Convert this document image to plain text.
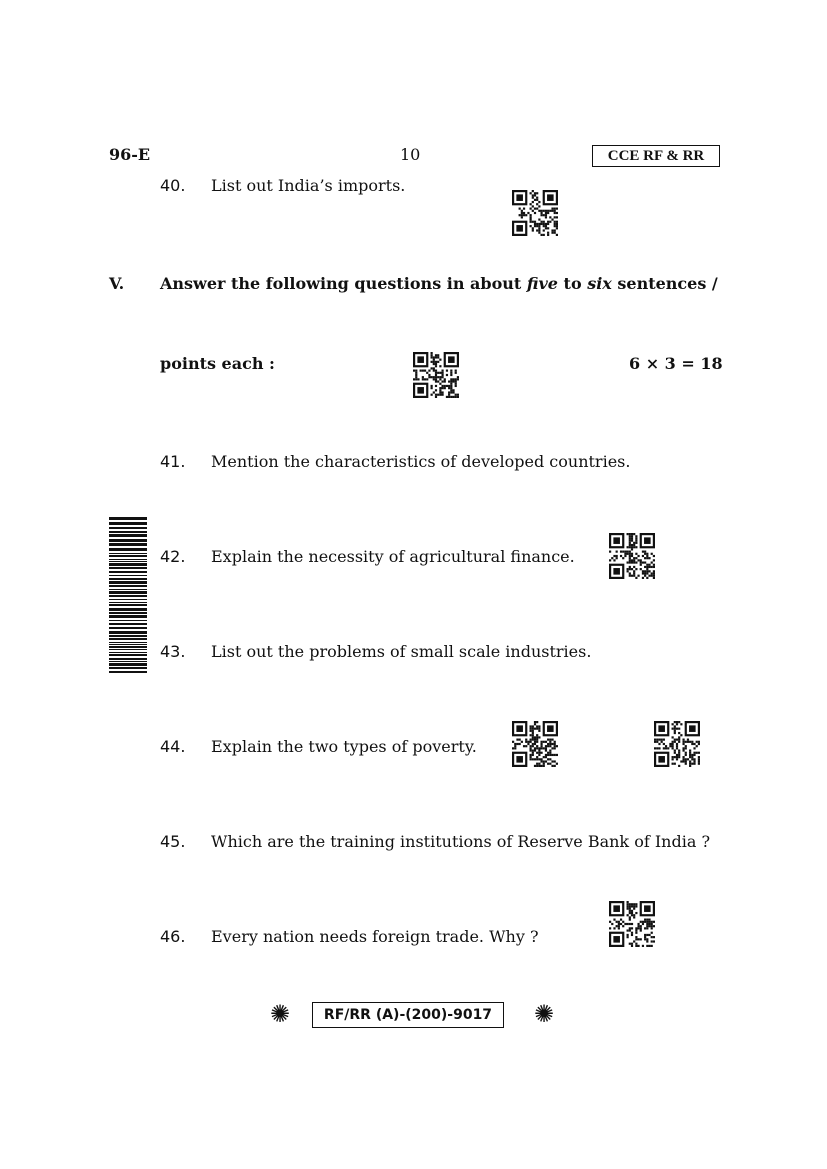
96-E	10	CCE RF & RR
40. List out India’s imports.
V. Answer the following questions in about five to six sentences /
points each :	6 × 3 = 18
41. Mention the characteristics of developed countries.
42. Explain the necessity of agricultural finance.
43. List out the problems of small scale industries.
44. Explain the two types of poverty.
45. Which are the training institutions of Reserve Bank of India ?
46. Every nation needs foreign trade. Why ?
✺	RF/RR (A)-(200)-9017	✺
